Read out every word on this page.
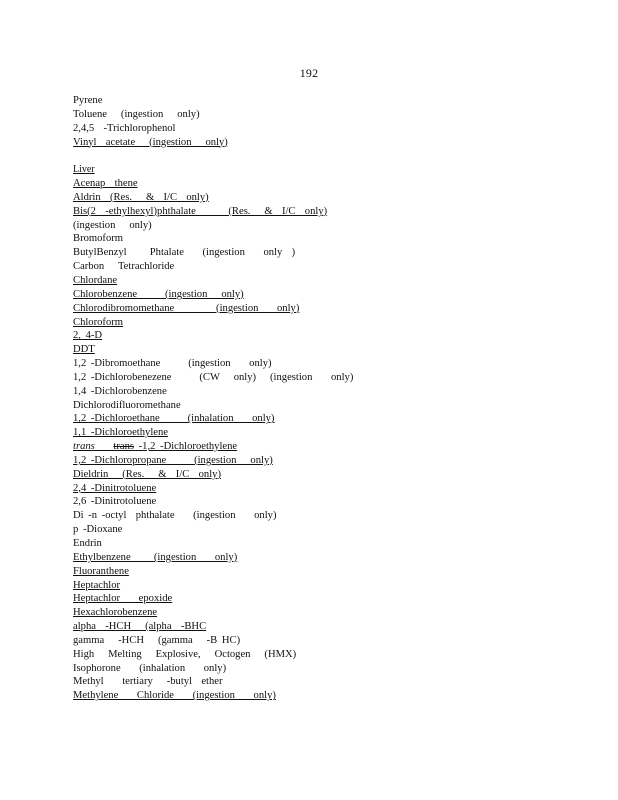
192
Pyrene
Toluene   (ingestion   only)
2,4,5  -Trichlorophenol
Vinyl  acetate   (ingestion   only)
Liver
Acenap  thene
Aldrin  (Res.   &  I/C  only)
Bis(2  -ethylhexyl)phthalate       (Res.   &  I/C  only)
(ingestion   only)
Bromoform
ButylBenzyl     Phtalate    (ingestion    only  )
Carbon   Tetrachloride
Chlordane
Chlorobenzene      (ingestion   only)
Chlorodibromomethane         (ingestion    only)
Chloroform
2, 4-D
DDT
1,2 -Dibromoethane      (ingestion    only)
1,2 -Dichlorobenezene      (CW   only)   (ingestion    only)
1,4 -Dichlorobenzene
Dichlorodifluoromethane
1,2 -Dichloroethane      (inhalation    only)
1,1 -Dichloroethylene
trans trans -1,2 -Dichloroethylene
1,2 -Dichloropropane      (ingestion   only)
Dieldrin   (Res.   &  I/C  only)
2,4 -Dinitrotoluene
2,6 -Dinitrotoluene
Di -n -octyl  phthalate    (ingestion    only)
p -Dioxane
Endrin
Ethylbenzene     (ingestion    only)
Fluoranthene
Heptachlor
Heptachlor    epoxide
Hexachlorobenzene
alpha  -HCH   (alpha  -BHC
gamma   -HCH   (gamma   -B HC)
High   Melting   Explosive,   Octogen   (HMX)
Isophorone    (inhalation    only)
Methyl    tertiary   -butyl  ether
Methylene    Chloride    (ingestion    only)
